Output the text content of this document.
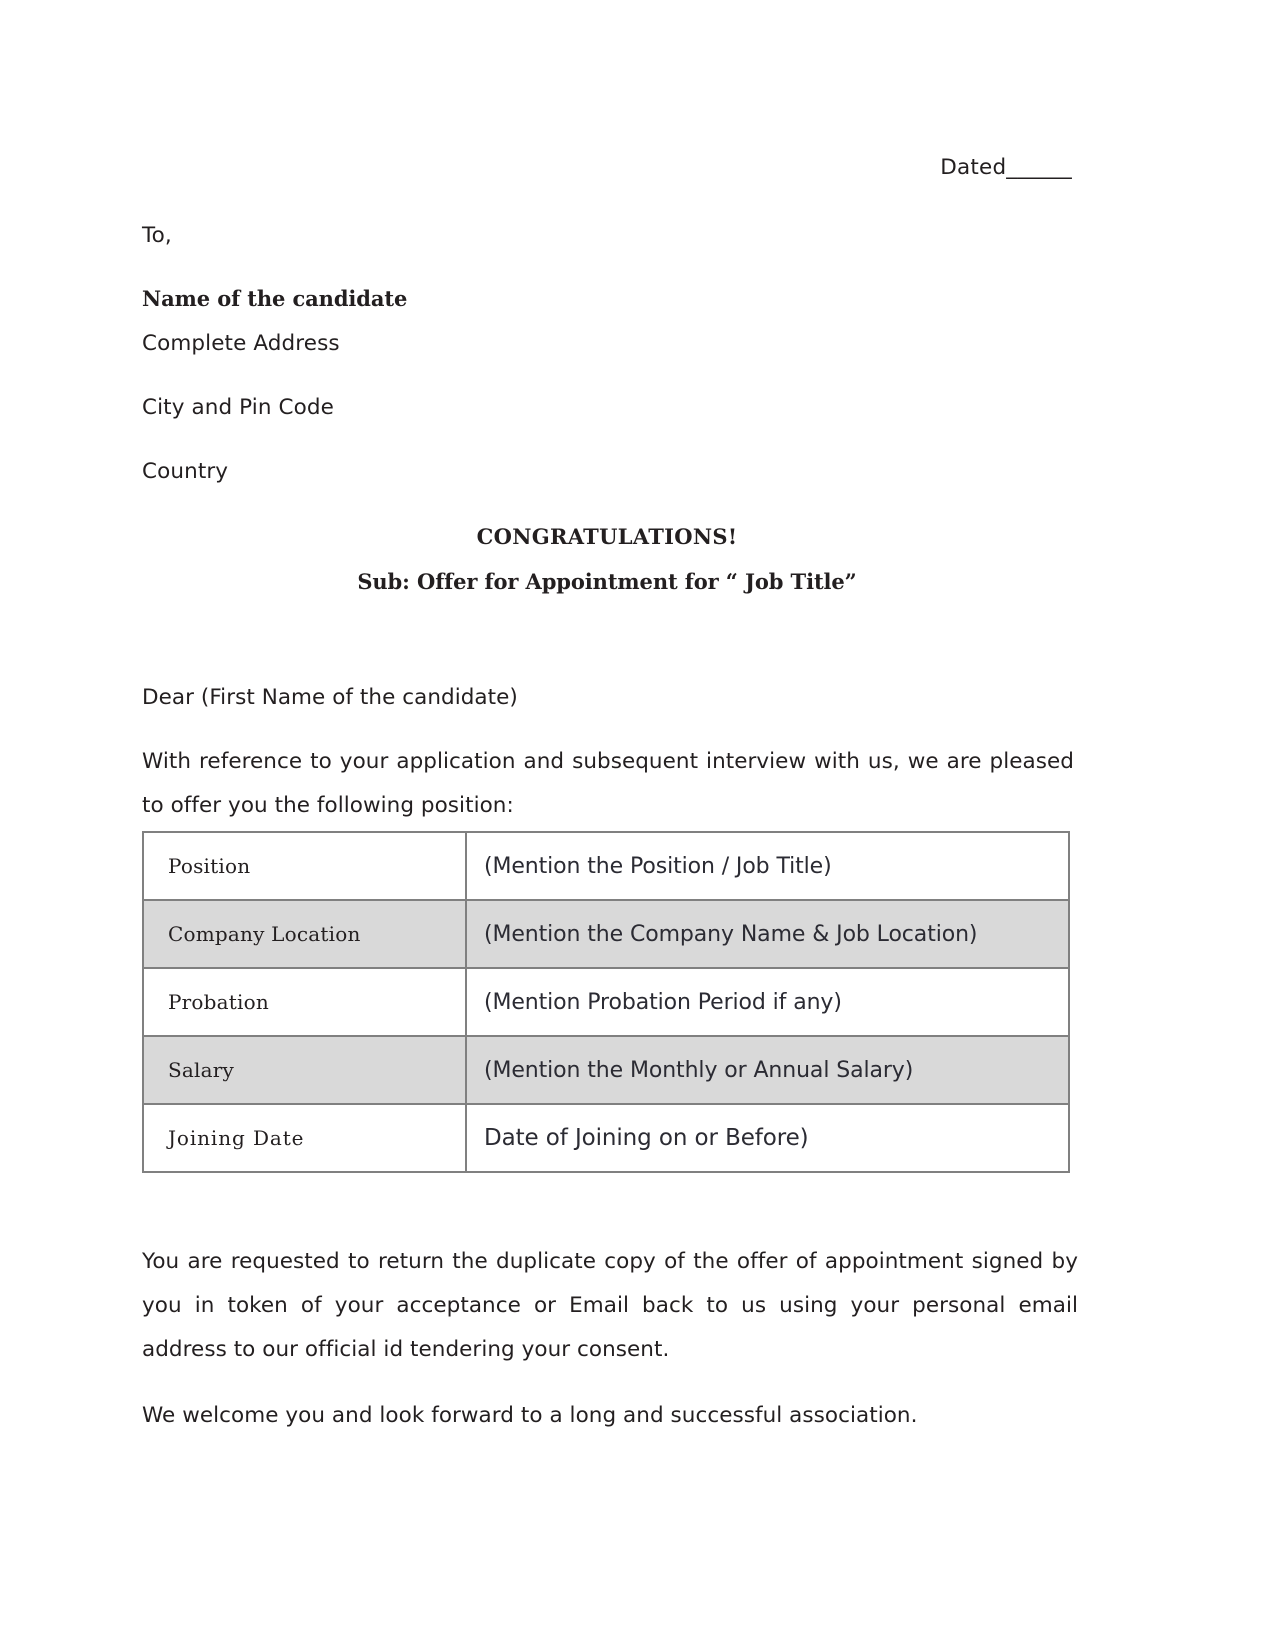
Dated______
To,
Name of the candidate
Complete Address
City and Pin Code
Country
CONGRATULATIONS!
Sub: Offer for Appointment for “ Job Title”
Dear (First Name of the candidate)
With reference to your application and subsequent interview with us, we are pleased to offer you the following position:
Position	(Mention the Position / Job Title)
Company Location	(Mention the Company Name & Job Location)
Probation	(Mention Probation Period if any)
Salary	(Mention the Monthly or Annual Salary)
Joining Date	Date of Joining on or Before)
You are requested to return the duplicate copy of the offer of appointment signed by you in token of your acceptance or Email back to us using your personal email address to our official id tendering your consent.
We welcome you and look forward to a long and successful association.
